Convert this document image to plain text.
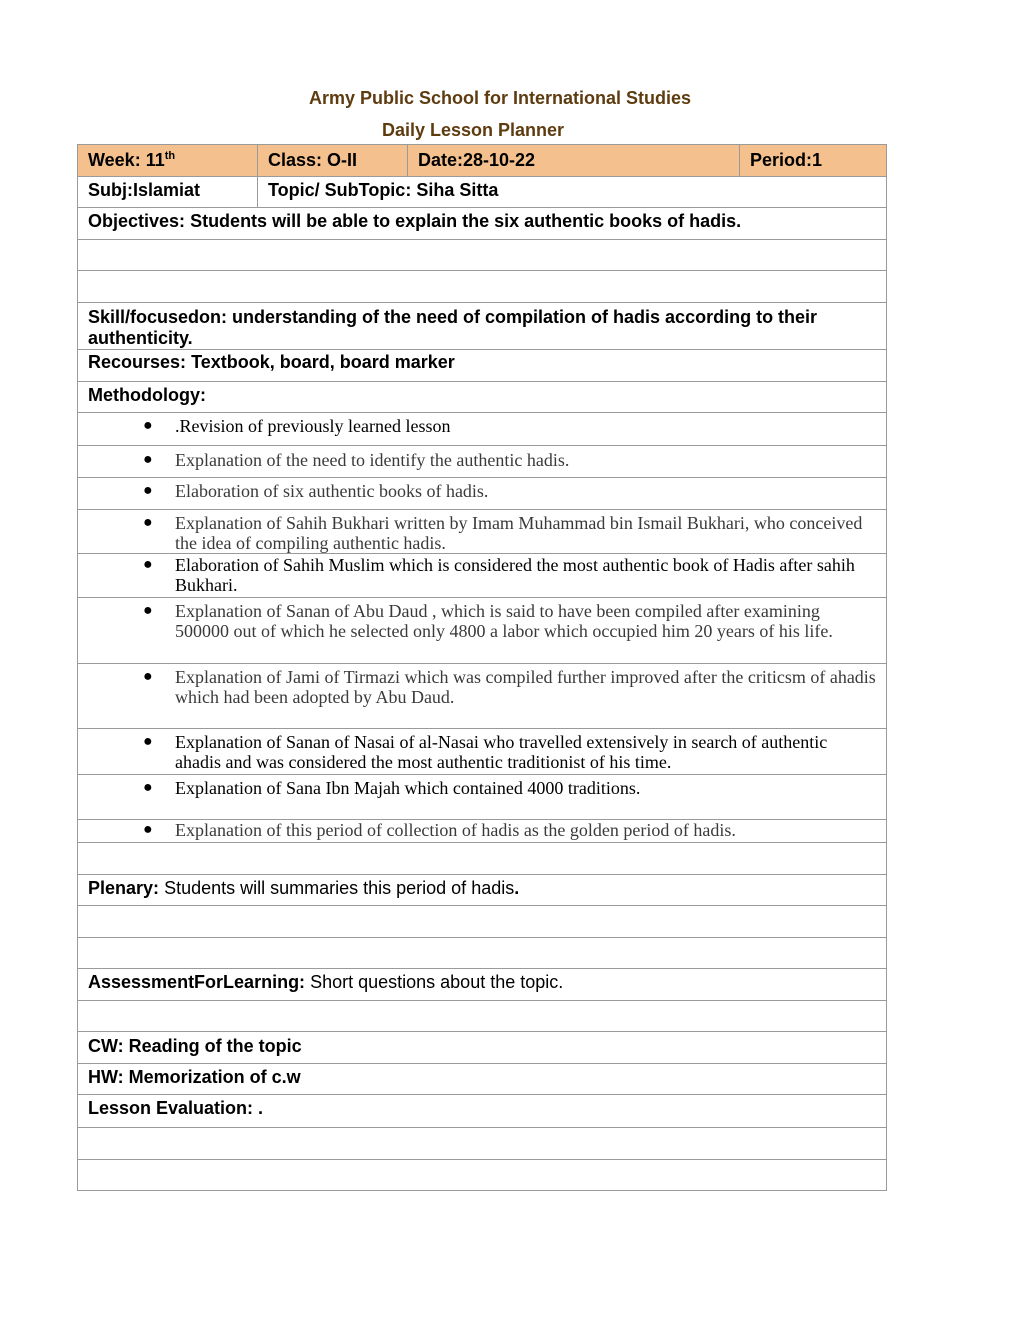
Army Public School for International Studies
Daily Lesson Planner
Week: 11th	Class: O-II	Date:28-10-22	Period:1
Subj:Islamiat	Topic/ SubTopic: Siha Sitta		
Objectives: Students will be able to explain the six authentic books of hadis.			

Skill/focusedon: understanding of the need of compilation of hadis according to their authenticity.			
Recourses: Textbook, board, board marker			
Methodology:			

● .Revision of previously learned lesson			

● Explanation of the need to identify the authentic hadis.			

● Elaboration of six authentic books of hadis.			

● Explanation of Sahih Bukhari written by Imam Muhammad bin Ismail Bukhari, who conceived the idea of compiling authentic hadis.			

● Elaboration of Sahih Muslim which is considered the most authentic book of Hadis after sahih Bukhari.			

● Explanation of Sanan of Abu Daud , which is said to have been compiled after examining 500000 out of which he selected only 4800 a labor which occupied him 20 years of his life.			

● Explanation of Jami of Tirmazi which was compiled further improved after the criticsm of ahadis which had been adopted by Abu Daud.			

● Explanation of Sanan of Nasai of al-Nasai who travelled extensively in search of authentic ahadis and was considered the most authentic traditionist of his time.			

● Explanation of Sana Ibn Majah which contained 4000 traditions.			

● Explanation of this period of collection of hadis as the golden period of hadis.			

Plenary: Students will summaries this period of hadis.			

AssessmentForLearning: Short questions about the topic.			

CW: Reading of the topic			
HW: Memorization of c.w			
Lesson Evaluation: .			
